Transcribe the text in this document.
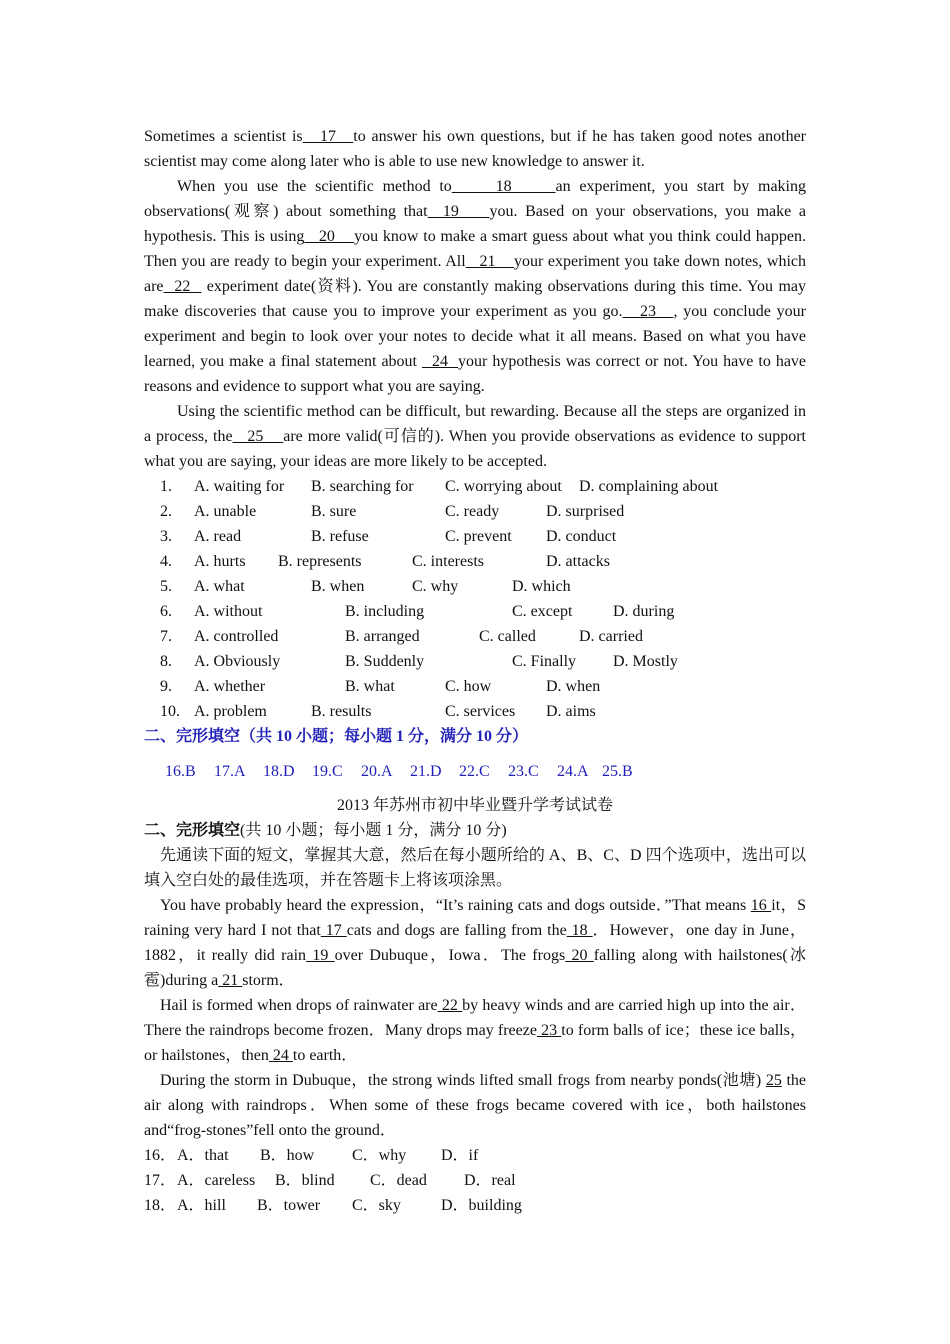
Sometimes a scientist is   17   to answer his own questions, but if he has taken good notes another scientist may come along later who is able to use new knowledge to answer it.

When you use the scientific method to     18     an experiment, you start by making observations(观察) about something that  19    you. Based on your observations, you make a hypothesis. This is using   20    you know to make a smart guess about what you think could happen. Then you are ready to begin your experiment. All   21    your experiment you take down notes, which are  22   experiment date(资料). You are constantly making observations during this time. You may make discoveries that cause you to improve your experiment as you go.   23   , you conclude your experiment and begin to look over your notes to decide what it all means. Based on what you have learned, you make a final statement about   24  your hypothesis was correct or not. You have to have reasons and evidence to support what you are saying.

Using the scientific method can be difficult, but rewarding. Because all the steps are organized in a process, the   25    are more valid(可信的). When you provide observations as evidence to support what you are saying, your ideas are more likely to be accepted.

1. A. waiting for B. searching for C. worrying about D. complaining about
2. A. unable	B. sure	C. ready	D. surprised
3. A. read	B. refuse	C. prevent D. conduct
4. A. hurts B. represents	C. interests	D. attacks
5. A. what	B. when	C. why	D. which
6. A. without	B. including	C. except	D. during
7. A. controlled	B. arranged	C. called	D. carried
8. A. Obviously	B. Suddenly	C. Finally D. Mostly
9. A. whether	B. what	C. how	D. when
10. A. problem	B. results	C. services D. aims

二、完形填空（共 10 小题；每小题 1 分，满分 10 分）

16.B 17.A 18.D 19.C 20.A 21.D 22.C 23.C 24.A 25.B

2013 年苏州市初中毕业暨升学考试试卷

二、完形填空(共 10 小题；每小题 1 分，满分 10 分)

先通读下面的短文，掌握其大意，然后在每小题所给的 A、B、C、D 四个选项中，选出可以填入空白处的最佳选项，并在答题卡上将该项涂黑。

You have probably heard the expression，“It’s raining cats and dogs outside．”That means 16 it，S raining very hard I not that 17 cats and dogs are falling from the 18 ．However，one day in June，1882，it really did rain 19 over Dubuque，Iowa．The frogs 20 falling along with hailstones(冰雹)during a 21 storm．

Hail is formed when drops of rainwater are 22 by heavy winds and are carried high up into the air．There the raindrops become frozen．Many drops may freeze 23 to form balls of ice；these ice balls，or hailstones，then 24 to earth．

During the storm in Dubuque，the strong winds lifted small frogs from nearby ponds(池塘) 25 the air along with raindrops．When some of these frogs became covered with ice，both hailstones and“frog-stones”fell onto the ground．

16． A．that B．how C．why D．if
17． A．careless B．blind C．dead D．real
18． A．hill B．tower C．sky	D．building
